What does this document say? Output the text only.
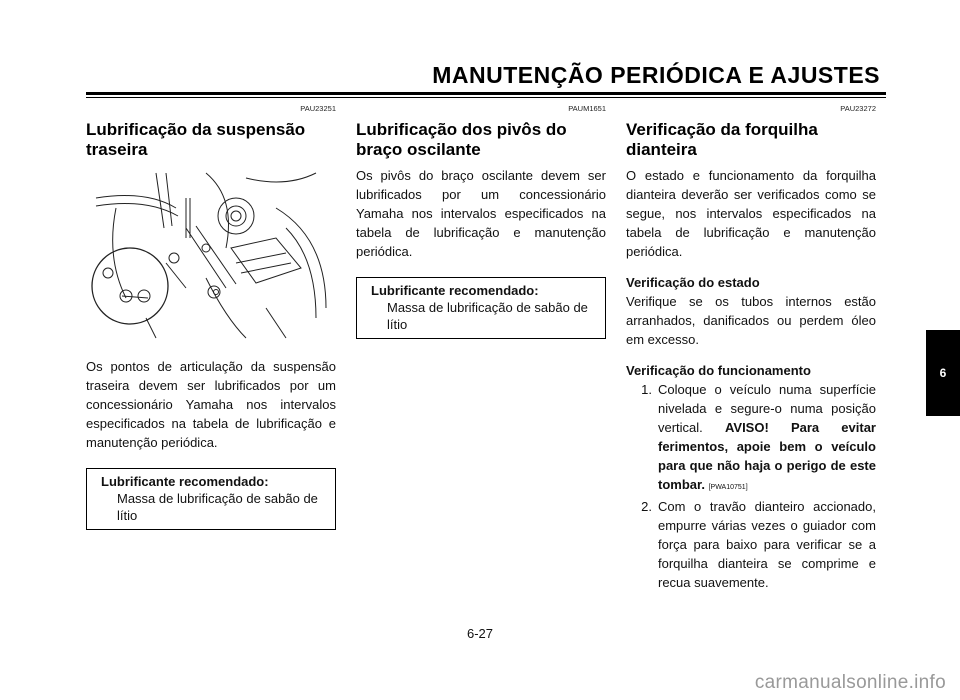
MANUTENÇÃO PERIÓDICA E AJUSTES
PAU23251
Lubrificação da suspensão traseira

Os pontos de articulação da suspensão traseira devem ser lubrificados por um concessionário Yamaha nos intervalos especificados na tabela de lubrificação e manutenção periódica.

Lubrificante recomendado:
Massa de lubrificação de sabão de lítio
PAUM1651
Lubrificação dos pivôs do braço oscilante

Os pivôs do braço oscilante devem ser lubrificados por um concessionário Yamaha nos intervalos especificados na tabela de lubrificação e manutenção periódica.

Lubrificante recomendado:
Massa de lubrificação de sabão de lítio
PAU23272
Verificação da forquilha dianteira

O estado e funcionamento da forquilha dianteira deverão ser verificados como se segue, nos intervalos especificados na tabela de lubrificação e manutenção periódica.

Verificação do estado

Verifique se os tubos internos estão arranhados, danificados ou perdem óleo em excesso.

Verificação do funcionamento
1. Coloque o veículo numa superfície nivelada e segure-o numa posição vertical. AVISO! Para evitar ferimentos, apoie bem o veículo para que não haja o perigo de este tombar. [PWA10751]
2. Com o travão dianteiro accionado, empurre várias vezes o guiador com força para baixo para verificar se a forquilha dianteira se comprime e recua suavemente.
6
6-27
carmanualsonline.info
